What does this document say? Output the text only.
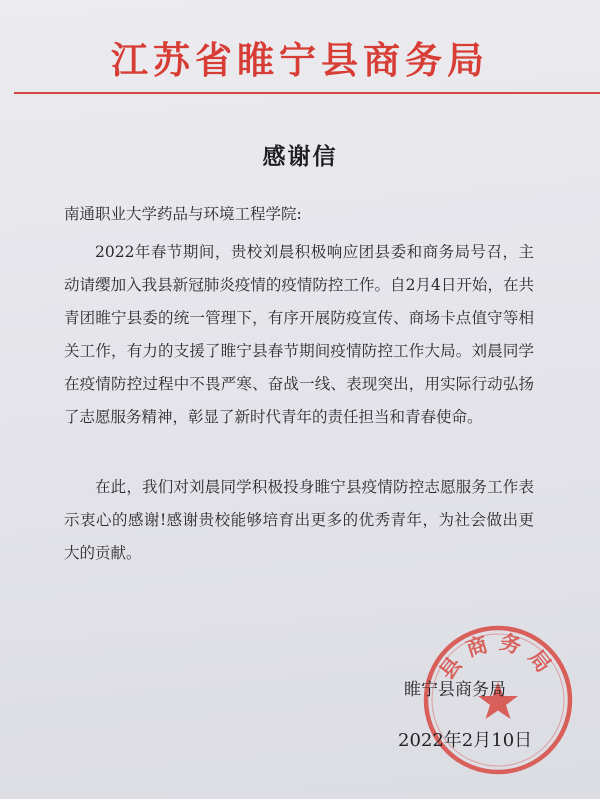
江苏省睢宁县商务局
感谢信
南通职业大学药品与环境工程学院:

2022年春节期间，贵校刘晨积极响应团县委和商务局号召，主动请缨加入我县新冠肺炎疫情的疫情防控工作。自2月4日开始，在共青团睢宁县委的统一管理下，有序开展防疫宣传、商场卡点值守等相关工作，有力的支援了睢宁县春节期间疫情防控工作大局。刘晨同学在疫情防控过程中不畏严寒、奋战一线、表现突出，用实际行动弘扬了志愿服务精神，彰显了新时代青年的责任担当和青春使命。

在此，我们对刘晨同学积极投身睢宁县疫情防控志愿服务工作表示衷心的感谢!感谢贵校能够培育出更多的优秀青年，为社会做出更大的贡献。

县商务局
睢宁县商务局
2022年2月10日
